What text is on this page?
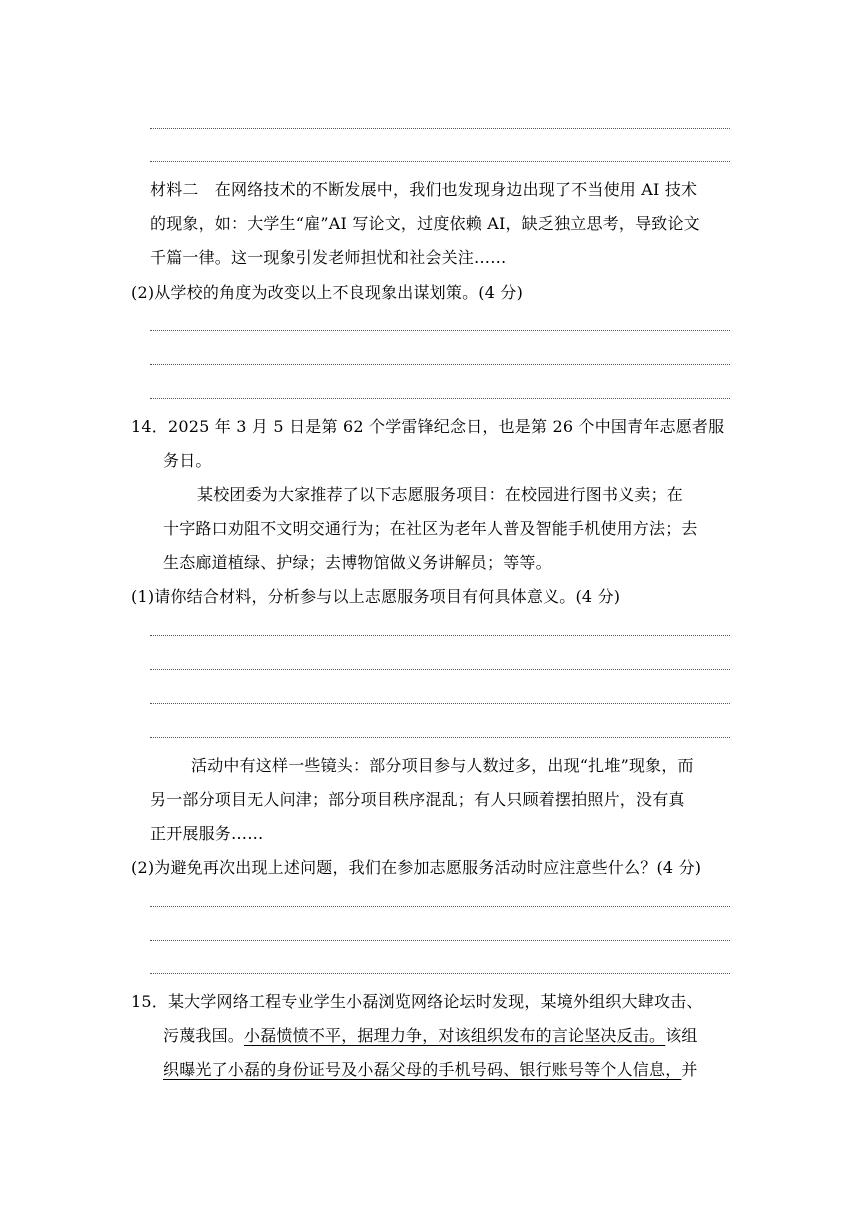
材料二　在网络技术的不断发展中，我们也发现身边出现了不当使用 AI 技术
的现象，如：大学生“雇”AI 写论文，过度依赖 AI，缺乏独立思考，导致论文
千篇一律。这一现象引发老师担忧和社会关注……
(2)从学校的角度为改变以上不良现象出谋划策。(4 分)
14．2025 年 3 月 5 日是第 62 个学雷锋纪念日，也是第 26 个中国青年志愿者服
务日。
某校团委为大家推荐了以下志愿服务项目：在校园进行图书义卖；在
十字路口劝阻不文明交通行为；在社区为老年人普及智能手机使用方法；去
生态廊道植绿、护绿；去博物馆做义务讲解员；等等。
(1)请你结合材料，分析参与以上志愿服务项目有何具体意义。(4 分)
活动中有这样一些镜头：部分项目参与人数过多，出现“扎堆”现象，而
另一部分项目无人问津；部分项目秩序混乱；有人只顾着摆拍照片，没有真
正开展服务……
(2)为避免再次出现上述问题，我们在参加志愿服务活动时应注意些什么？(4 分)
15．某大学网络工程专业学生小磊浏览网络论坛时发现，某境外组织大肆攻击、
污蔑我国。小磊愤愤不平，据理力争，对该组织发布的言论坚决反击。该组
织曝光了小磊的身份证号及小磊父母的手机号码、银行账号等个人信息，并
